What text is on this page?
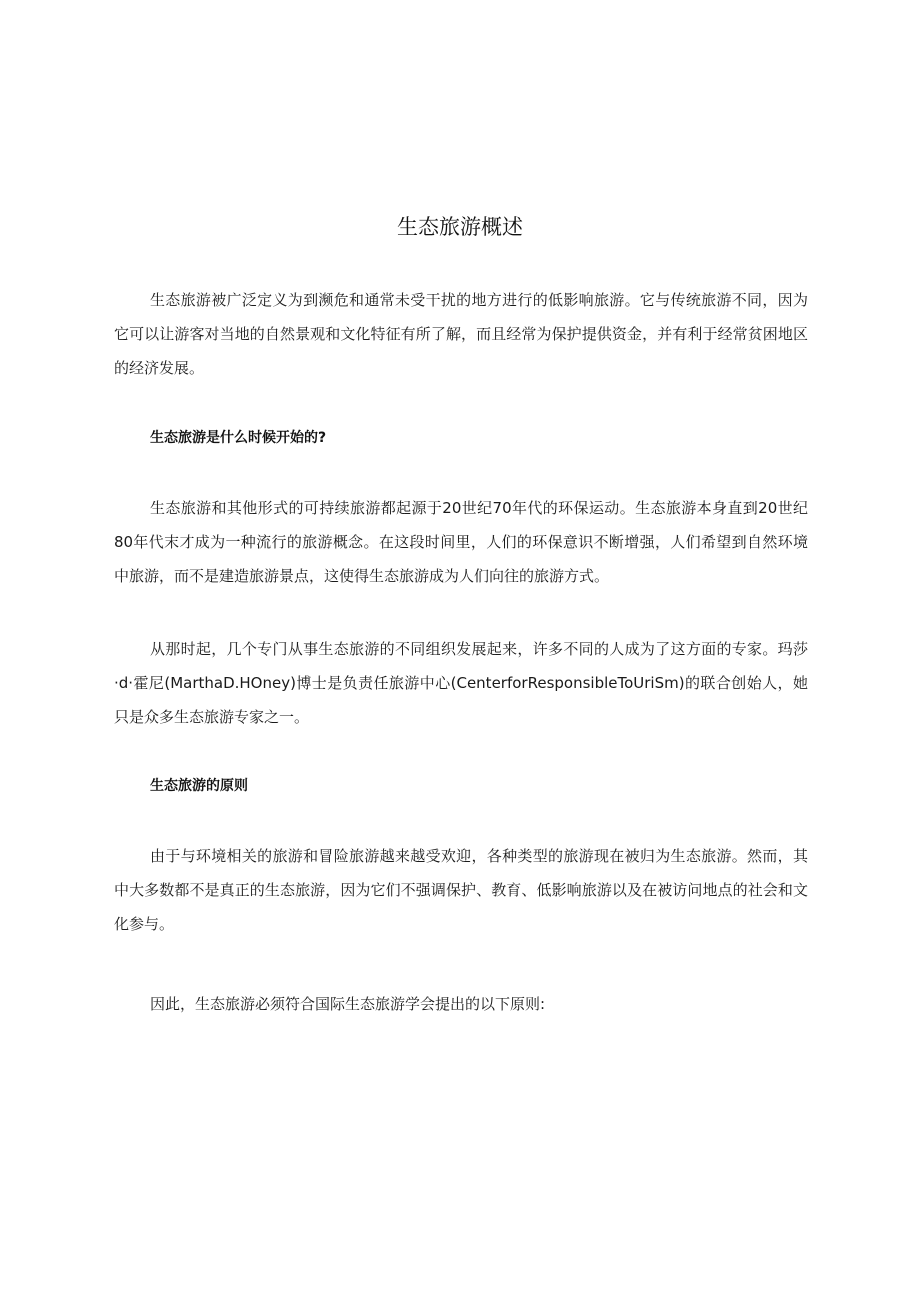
生态旅游概述

生态旅游被广泛定义为到濒危和通常未受干扰的地方进行的低影响旅游。它与传统旅游不同，因为它可以让游客对当地的自然景观和文化特征有所了解，而且经常为保护提供资金，并有利于经常贫困地区的经济发展。

生态旅游是什么时候开始的?

生态旅游和其他形式的可持续旅游都起源于20世纪70年代的环保运动。生态旅游本身直到20世纪80年代末才成为一种流行的旅游概念。在这段时间里，人们的环保意识不断增强，人们希望到自然环境中旅游，而不是建造旅游景点，这使得生态旅游成为人们向往的旅游方式。

从那时起，几个专门从事生态旅游的不同组织发展起来，许多不同的人成为了这方面的专家。玛莎·d·霍尼(MarthaD.HOney)博士是负责任旅游中心(CenterforResponsibleToUriSm)的联合创始人，她只是众多生态旅游专家之一。

生态旅游的原则

由于与环境相关的旅游和冒险旅游越来越受欢迎，各种类型的旅游现在被归为生态旅游。然而，其中大多数都不是真正的生态旅游，因为它们不强调保护、教育、低影响旅游以及在被访问地点的社会和文化参与。

因此，生态旅游必须符合国际生态旅游学会提出的以下原则:
